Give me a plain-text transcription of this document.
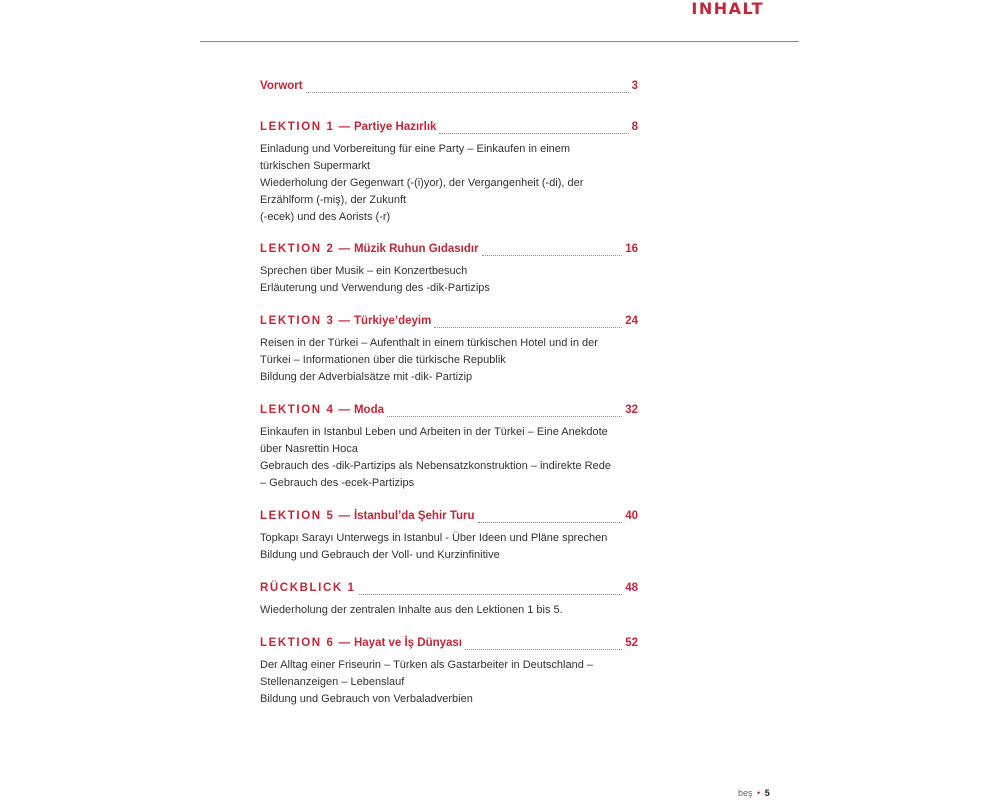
INHALT
Vorwort	3
LEKTION 1 — Partiye Hazırlık	8
Einladung und Vorbereitung für eine Party – Einkaufen in einem
türkischen Supermarkt
Wiederholung der Gegenwart (-(i)yor), der Vergangenheit (-di), der
Erzählform (-miş), der Zukunft
(-ecek) und des Aorists (-r)
LEKTION 2 — Müzik Ruhun Gıdasıdır	16
Sprechen über Musik – ein Konzertbesuch
Erläuterung und Verwendung des -dik-Partizips
LEKTION 3 — Türkiye’deyim	24
Reisen in der Türkei – Aufenthalt in einem türkischen Hotel und in der
Türkei – Informationen über die türkische Republik
Bildung der Adverbialsätze mit -dik- Partizip
LEKTION 4 — Moda	32
Einkaufen in Istanbul Leben und Arbeiten in der Türkei – Eine Anekdote
über Nasrettin Hoca
Gebrauch des -dik-Partizips als Nebensatzkonstruktion – indirekte Rede
– Gebrauch des -ecek-Partizips
LEKTION 5 — İstanbul’da Şehir Turu	40
Topkapı Sarayı Unterwegs in Istanbul - Über Ideen und Pläne sprechen
Bildung und Gebrauch der Voll- und Kurzinfinitive
RÜCKBLICK 1	48
Wiederholung der zentralen Inhalte aus den Lektionen 1 bis 5.
LEKTION 6 — Hayat ve İş Dünyası	52
Der Alltag einer Friseurin – Türken als Gastarbeiter in Deutschland –
Stellenanzeigen – Lebenslauf
Bildung und Gebrauch von Verbaladverbien
beş • 5
